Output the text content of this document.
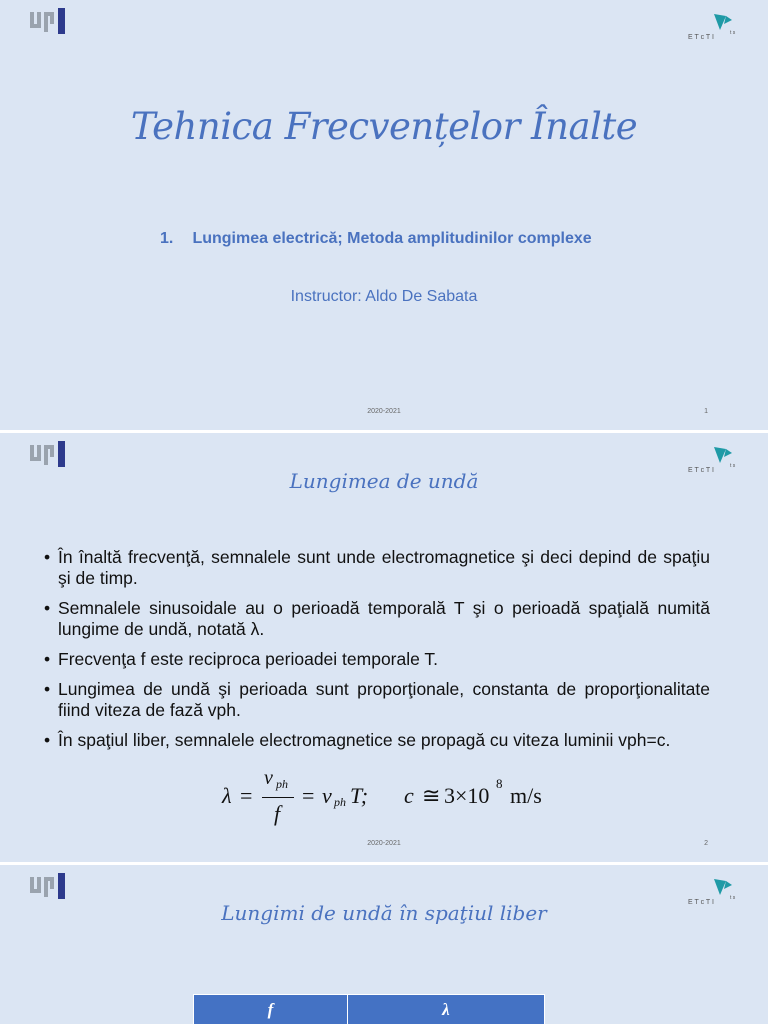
E T c T I
t s
Tehnica Frecvențelor Înalte
1. Lungimea electrică; Metoda amplitudinilor complexe
Instructor: Aldo De Sabata
2020-2021	1
E T c T I
t s
Lungimea de undă
• În înaltă frecvenţă, semnalele sunt unde electromagnetice şi deci depind de spaţiu şi de timp.
• Semnalele sinusoidale au o perioadă temporală T şi o perioadă spaţială numită lungime de undă, notată λ.
• Frecvenţa f este reciproca perioadei temporale T.
• Lungimea de undă şi perioada sunt proporţionale, constanta de proporţionalitate fiind viteza de fază vph.
• În spaţiul liber, semnalele electromagnetice se propagă cu viteza luminii vph=c.
λ =
v ph
f
= v ph T; c ≅ 3×10 8 m/s
2020-2021	2
E T c T I
t s
Lungimi de undă în spaţiul liber
f	λ
